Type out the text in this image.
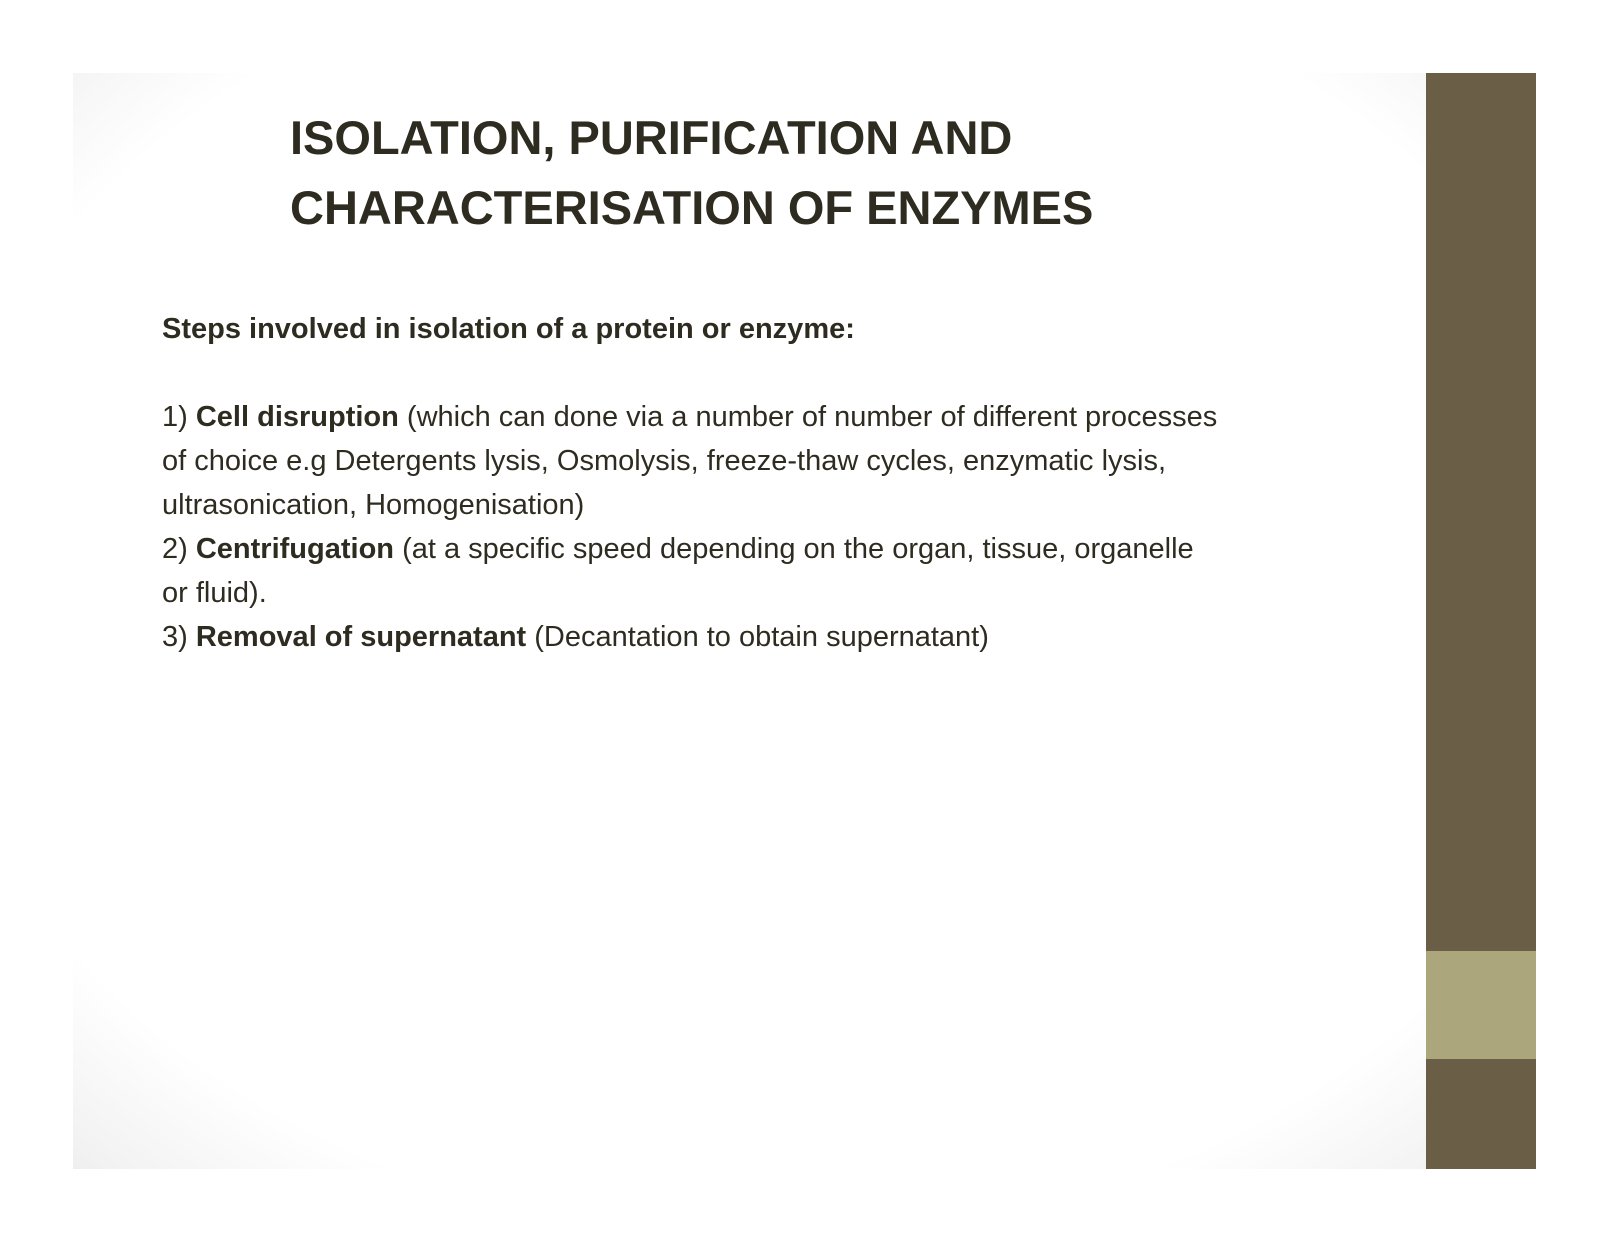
ISOLATION, PURIFICATION AND
CHARACTERISATION OF ENZYMES

Steps involved in isolation of a protein or enzyme:

1) Cell disruption (which can done via a number of number of different processes of choice e.g Detergents lysis, Osmolysis, freeze-thaw cycles, enzymatic lysis, ultrasonication, Homogenisation)
2) Centrifugation (at a specific speed depending on the organ, tissue, organelle or fluid).
3) Removal of supernatant (Decantation to obtain supernatant)
